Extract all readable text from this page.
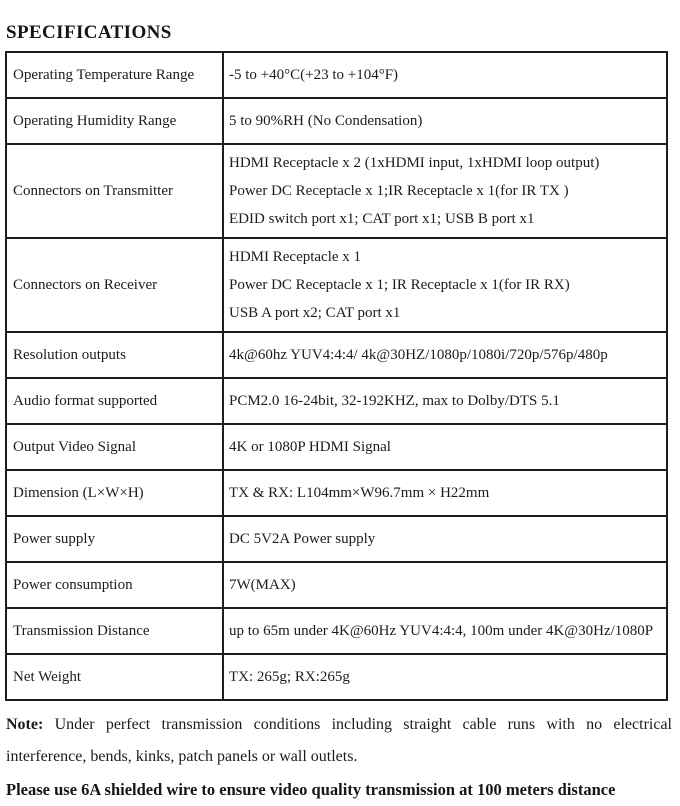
SPECIFICATIONS
Operating Temperature Range	-5 to +40°C(+23 to +104°F)

Operating Humidity Range	5 to 90%RH (No Condensation)

Connectors on Transmitter	HDMI Receptacle x 2 (1xHDMI input, 1xHDMI loop output)
Power DC Receptacle x 1;IR Receptacle x 1(for IR TX )
EDID switch port x1; CAT port x1; USB B port x1

Connectors on Receiver	HDMI Receptacle x 1
Power DC Receptacle x 1; IR Receptacle x 1(for IR RX)
USB A port x2; CAT port x1

Resolution outputs	4k@60hz YUV4:4:4/ 4k@30HZ/1080p/1080i/720p/576p/480p

Audio format supported	PCM2.0 16-24bit, 32-192KHZ, max to Dolby/DTS 5.1

Output Video Signal	4K or 1080P HDMI Signal

Dimension (L×W×H)	TX & RX: L104mm×W96.7mm × H22mm

Power supply	DC 5V2A Power supply

Power consumption	7W(MAX)

Transmission Distance	up to 65m under 4K@60Hz YUV4:4:4, 100m under 4K@30Hz/1080P

Net Weight	TX: 265g; RX:265g
Note: Under perfect transmission conditions including straight cable runs with no electrical
interference, bends, kinks, patch panels or wall outlets.
Please use 6A shielded wire to ensure video quality transmission at 100 meters distance
